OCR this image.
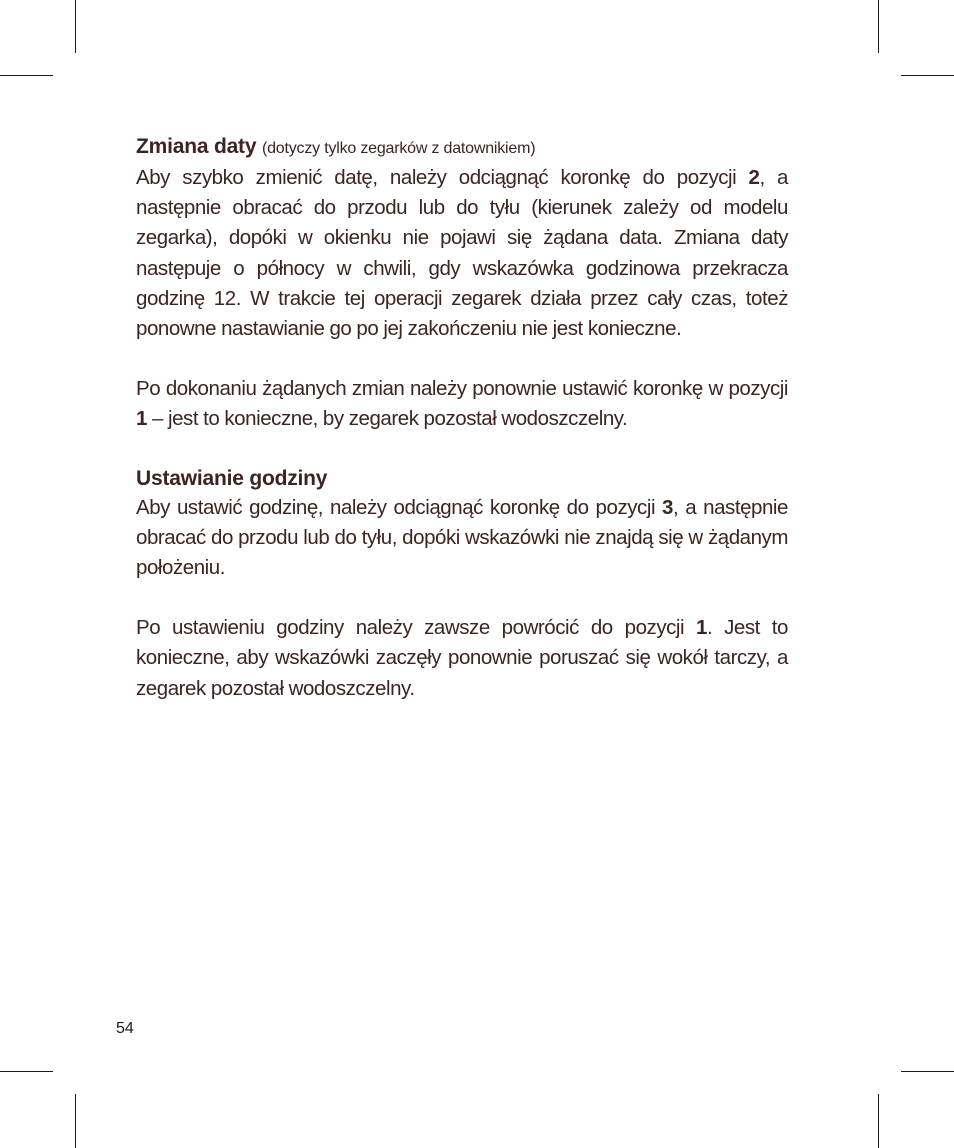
Zmiana daty (dotyczy tylko zegarków z datownikiem)

Aby szybko zmienić datę, należy odciągnąć koronkę do pozycji 2, a następnie obracać do przodu lub do tyłu (kierunek zależy od modelu zegarka), dopóki w okienku nie pojawi się żądana data. Zmiana daty następuje o północy w chwili, gdy wskazówka godzinowa przekracza godzinę 12. W trakcie tej operacji zegarek działa przez cały czas, toteż ponowne nastawianie go po jej zakończeniu nie jest konieczne.

Po dokonaniu żądanych zmian należy ponownie ustawić koronkę w pozycji 1 – jest to konieczne, by zegarek pozostał wodoszczelny.

Ustawianie godziny

Aby ustawić godzinę, należy odciągnąć koronkę do pozycji 3, a następnie obracać do przodu lub do tyłu, dopóki wskazówki nie znajdą się w żądanym położeniu.

Po ustawieniu godziny należy zawsze powrócić do pozycji 1. Jest to konieczne, aby wskazówki zaczęły ponownie poruszać się wokół tarczy, a zegarek pozostał wodoszczelny.

54
